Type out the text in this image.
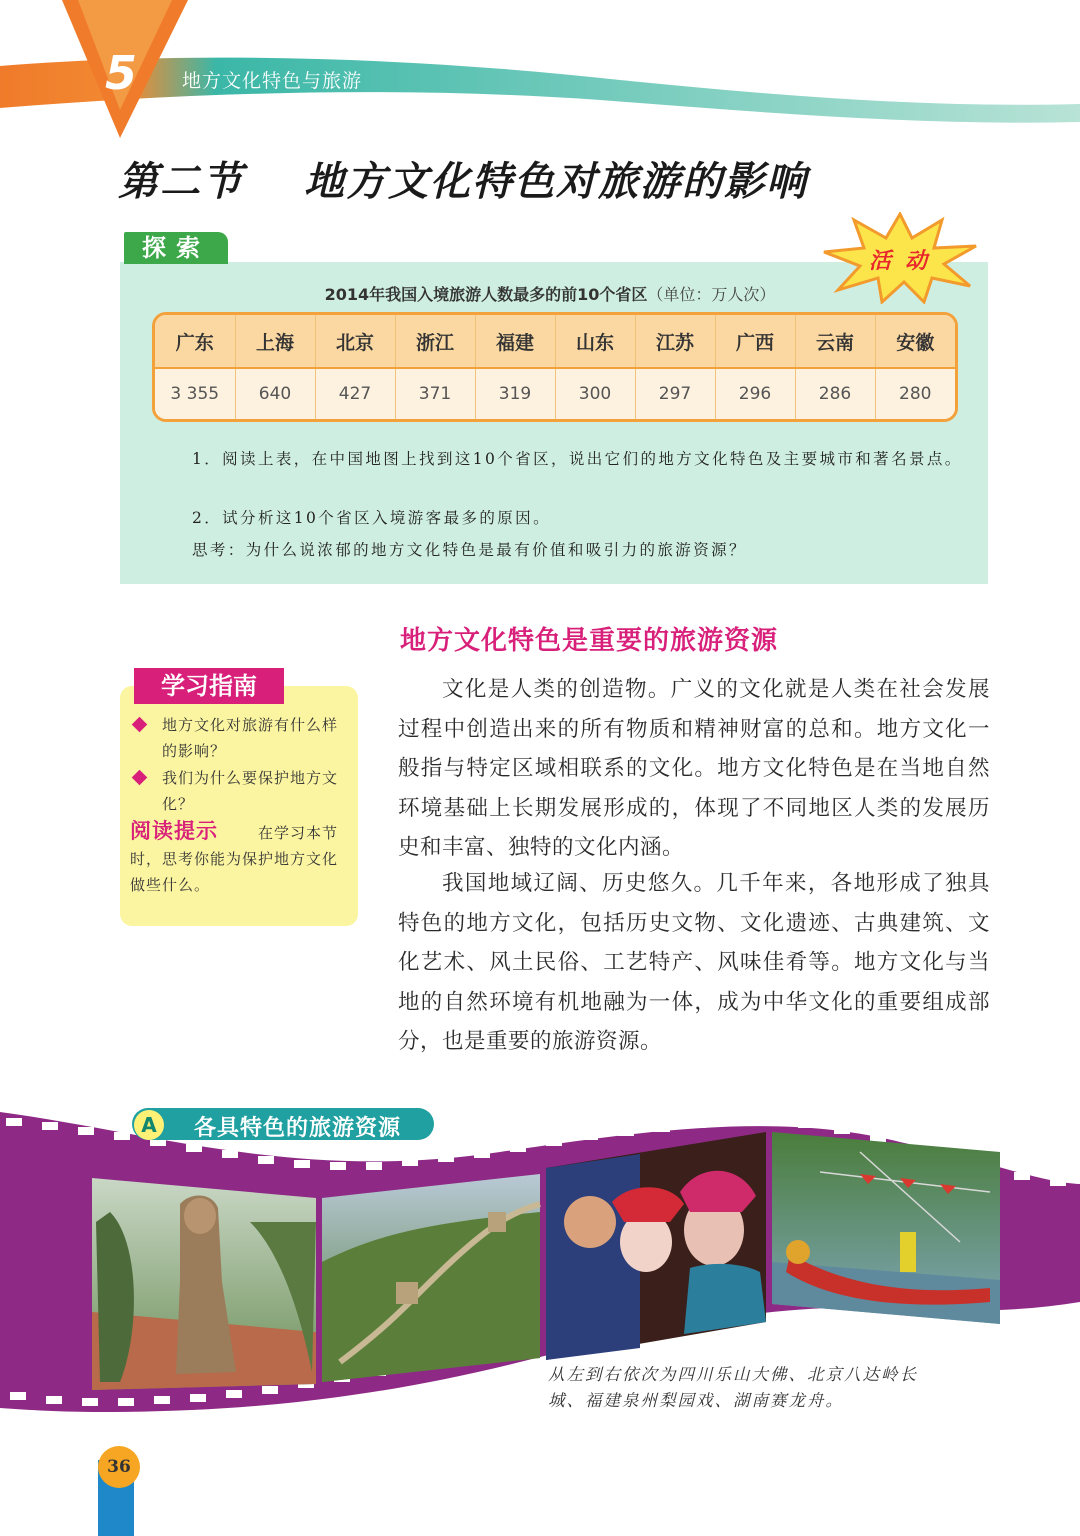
5	地方文化特色与旅游
第二节 地方文化特色对旅游的影响
探索	活动
2014年我国入境旅游人数最多的前10个省区（单位：万人次）
广东	上海	北京	浙江	福建	山东	江苏	广西	云南	安徽
3 355	640	427	371	319	300	297	296	286	280
1．阅读上表，在中国地图上找到这10个省区，说出它们的地方文化特色及主要城市和著名景点。
2．试分析这10个省区入境游客最多的原因。
思考：为什么说浓郁的地方文化特色是最有价值和吸引力的旅游资源？
地方文化特色是重要的旅游资源
学习指南
地方文化对旅游有什么样的影响？
我们为什么要保护地方文化？
阅读提示	在学习本节时，思考你能为保护地方文化做些什么。
文化是人类的创造物。广义的文化就是人类在社会发展过程中创造出来的所有物质和精神财富的总和。地方文化一般指与特定区域相联系的文化。地方文化特色是在当地自然环境基础上长期发展形成的，体现了不同地区人类的发展历史和丰富、独特的文化内涵。
我国地域辽阔、历史悠久。几千年来，各地形成了独具特色的地方文化，包括历史文物、文化遗迹、古典建筑、文化艺术、风土民俗、工艺特产、风味佳肴等。地方文化与当地的自然环境有机地融为一体，成为中华文化的重要组成部分，也是重要的旅游资源。
A	各具特色的旅游资源
从左到右依次为四川乐山大佛、北京八达岭长城、福建泉州梨园戏、湖南赛龙舟。
36
